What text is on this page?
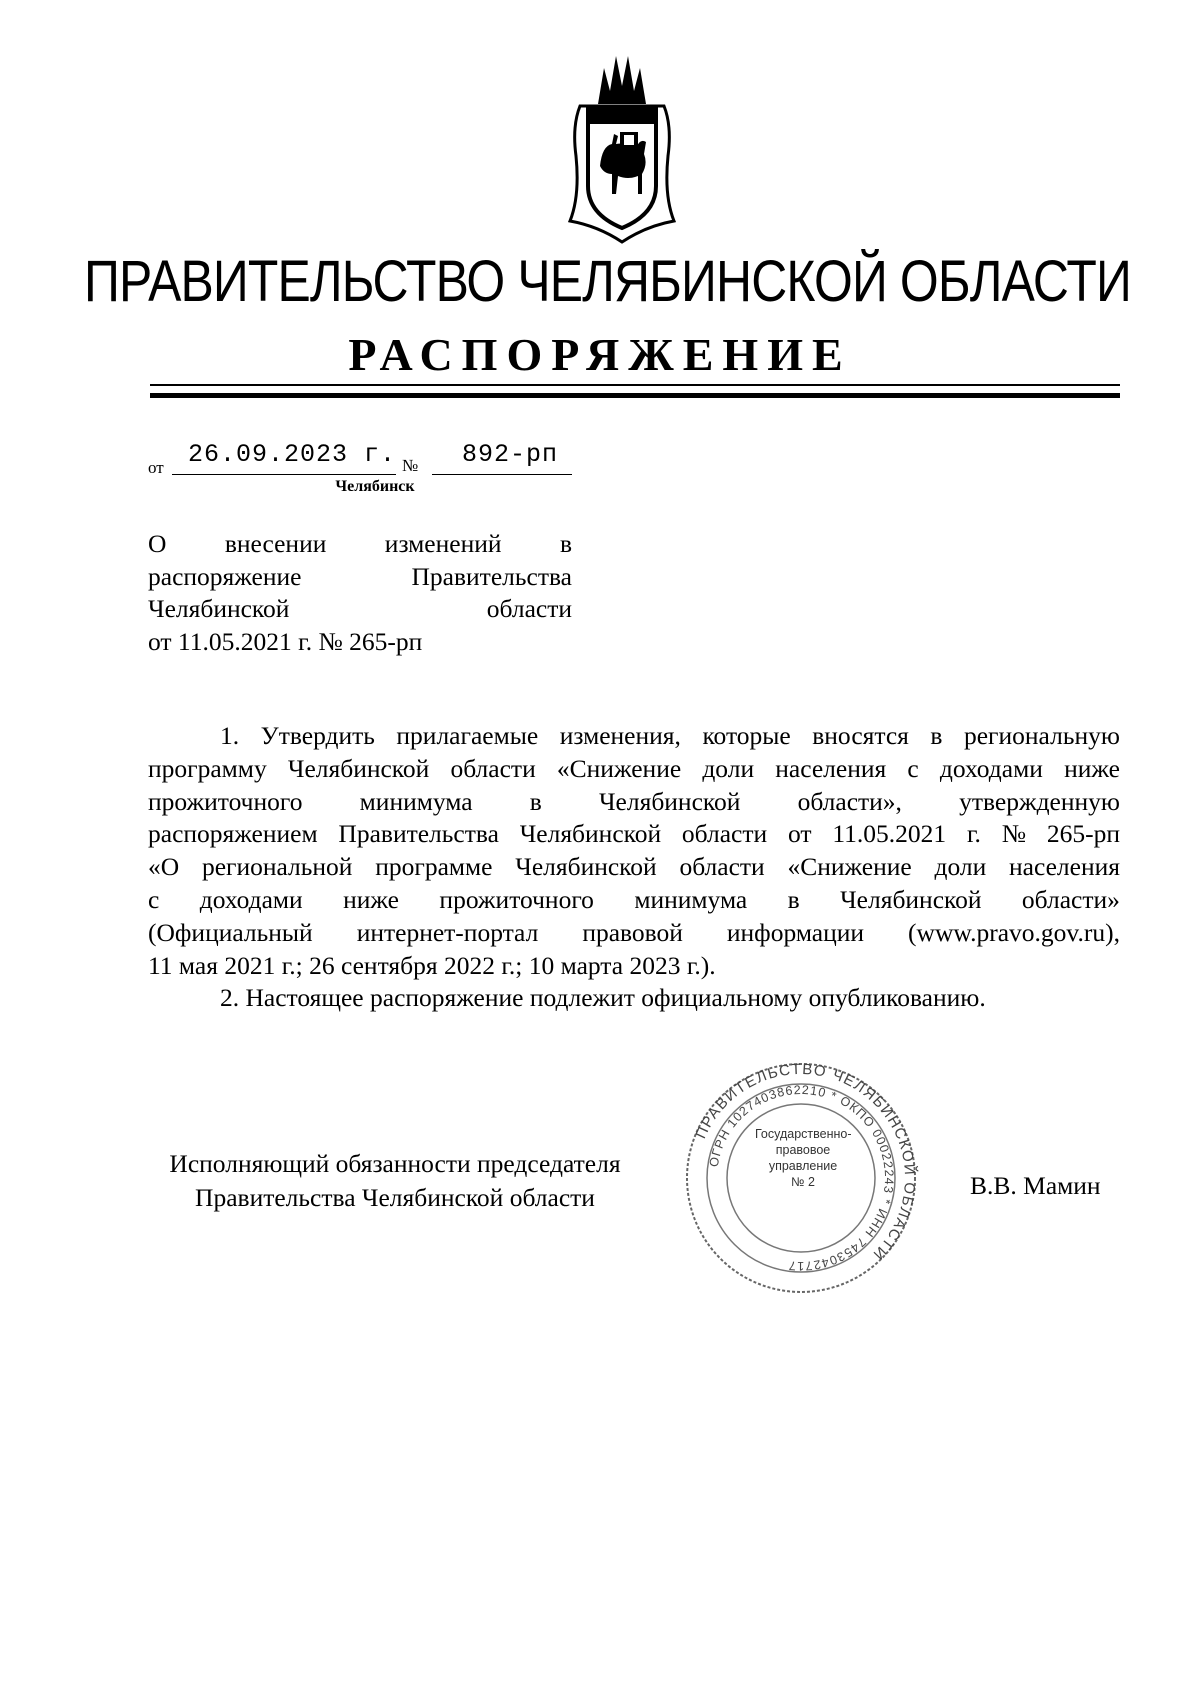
ПРАВИТЕЛЬСТВО ЧЕЛЯБИНСКОЙ ОБЛАСТИ
РАСПОРЯЖЕНИЕ
от 26.09.2023 г. № 892-рп
Челябинск
О внесении изменений в
распоряжение	Правительства
Челябинской	области
от 11.05.2021 г. № 265-рп
1. Утвердить прилагаемые изменения, которые вносятся в региональную
программу Челябинской области «Снижение доли населения с доходами ниже
прожиточного минимума в Челябинской области», утвержденную
распоряжением Правительства Челябинской области от 11.05.2021 г. № 265-рп
«О региональной программе Челябинской области «Снижение доли населения
с доходами ниже прожиточного минимума в Челябинской области»
(Официальный интернет-портал правовой информации (www.pravo.gov.ru),
11 мая 2021 г.; 26 сентября 2022 г.; 10 марта 2023 г.).
2. Настоящее распоряжение подлежит официальному опубликованию.
Исполняющий обязанности председателя
Правительства Челябинской области
ПРАВИТЕЛЬСТВО ЧЕЛЯБИНСКОЙ ОБЛАСТИ
ОГРН 1027403862210 * ОКПО 00022243 * ИНН 7453042717
Государственно-
правовое
управление
№ 2	В.В. Мамин
